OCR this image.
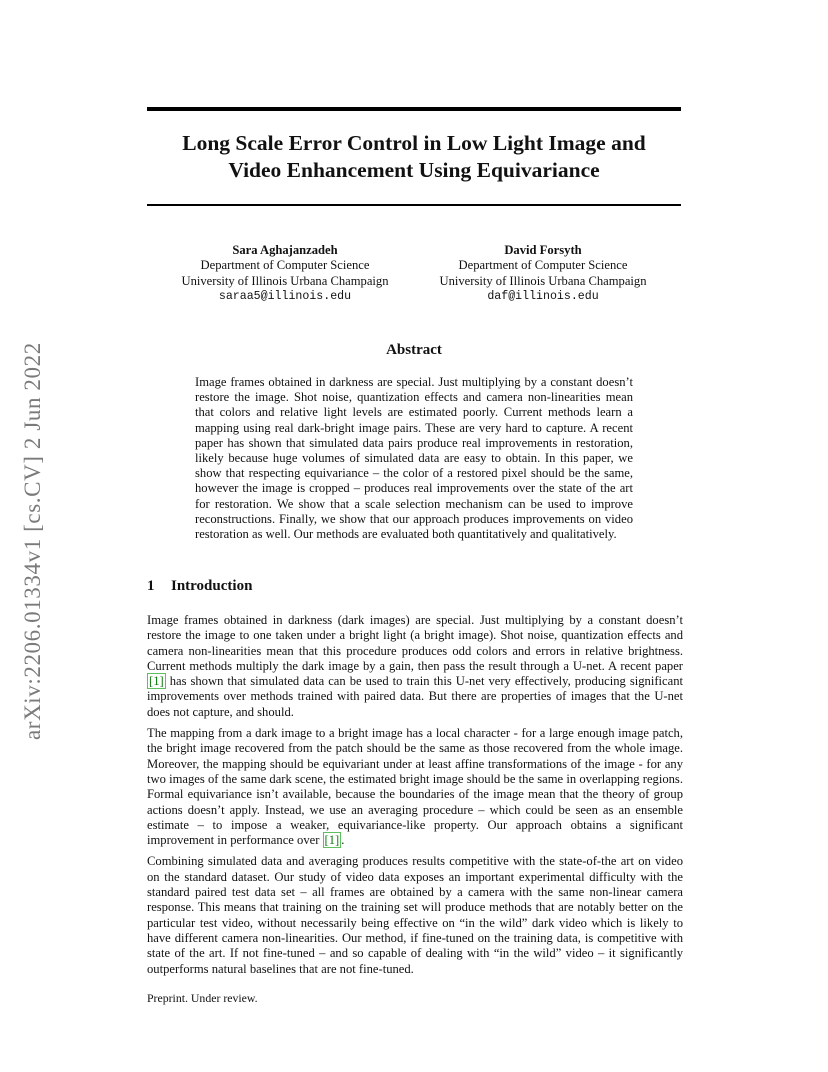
arXiv:2206.01334v1 [cs.CV] 2 Jun 2022
Long Scale Error Control in Low Light Image and
Video Enhancement Using Equivariance
Sara Aghajanzadeh
Department of Computer Science
University of Illinois Urbana Champaign
saraa5@illinois.edu
David Forsyth
Department of Computer Science
University of Illinois Urbana Champaign
daf@illinois.edu
Abstract
Image frames obtained in darkness are special. Just multiplying by a constant doesn’t restore the image. Shot noise, quantization effects and camera non-linearities mean that colors and relative light levels are estimated poorly. Current methods learn a mapping using real dark-bright image pairs. These are very hard to capture. A recent paper has shown that simulated data pairs produce real improvements in restoration, likely because huge volumes of simulated data are easy to obtain. In this paper, we show that respecting equivariance – the color of a restored pixel should be the same, however the image is cropped – produces real improvements over the state of the art for restoration. We show that a scale selection mechanism can be used to improve reconstructions. Finally, we show that our approach produces improvements on video restoration as well. Our methods are evaluated both quantitatively and qualitatively.
1 Introduction

Image frames obtained in darkness (dark images) are special. Just multiplying by a constant doesn’t restore the image to one taken under a bright light (a bright image). Shot noise, quantization effects and camera non-linearities mean that this procedure produces odd colors and errors in relative brightness. Current methods multiply the dark image by a gain, then pass the result through a U-net. A recent paper [1] has shown that simulated data can be used to train this U-net very effectively, producing significant improvements over methods trained with paired data. But there are properties of images that the U-net does not capture, and should.

The mapping from a dark image to a bright image has a local character - for a large enough image patch, the bright image recovered from the patch should be the same as those recovered from the whole image. Moreover, the mapping should be equivariant under at least affine transformations of the image - for any two images of the same dark scene, the estimated bright image should be the same in overlapping regions. Formal equivariance isn’t available, because the boundaries of the image mean that the theory of group actions doesn’t apply. Instead, we use an averaging procedure – which could be seen as an ensemble estimate – to impose a weaker, equivariance-like property. Our approach obtains a significant improvement in performance over [1] .

Combining simulated data and averaging produces results competitive with the state-of-the art on video on the standard dataset. Our study of video data exposes an important experimental difficulty with the standard paired test data set – all frames are obtained by a camera with the same non-linear camera response. This means that training on the training set will produce methods that are notably better on the particular test video, without necessarily being effective on “in the wild” dark video which is likely to have different camera non-linearities. Our method, if fine-tuned on the training data, is competitive with state of the art. If not fine-tuned – and so capable of dealing with “in the wild” video – it significantly outperforms natural baselines that are not fine-tuned.

Preprint. Under review.
